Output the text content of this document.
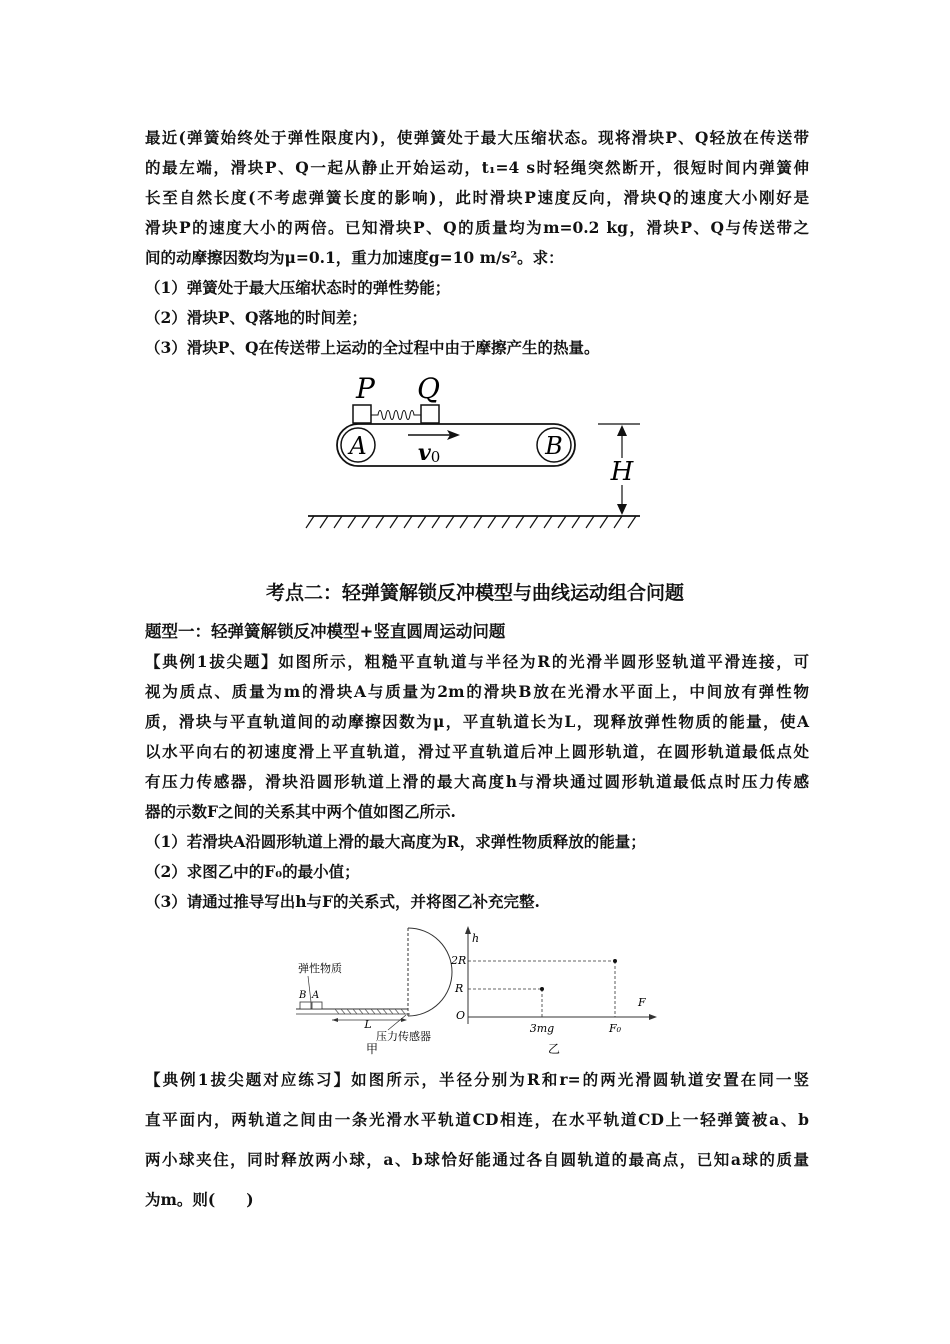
最近(弹簧始终处于弹性限度内)，使弹簧处于最大压缩状态。现将滑块P、Q轻放在传送带
的最左端，滑块P、Q一起从静止开始运动，t₁=4 s时轻绳突然断开，很短时间内弹簧伸
长至自然长度(不考虑弹簧长度的影响)，此时滑块P速度反向，滑块Q的速度大小刚好是
滑块P的速度大小的两倍。已知滑块P、Q的质量均为m=0.2 kg，滑块P、Q与传送带之
间的动摩擦因数均为μ=0.1，重力加速度g=10 m/s²。求：
（1）弹簧处于最大压缩状态时的弹性势能；
（2）滑块P、Q落地的时间差；
（3）滑块P、Q在传送带上运动的全过程中由于摩擦产生的热量。
P Q
A	B
v0	H
考点二：轻弹簧解锁反冲模型与曲线运动组合问题
题型一：轻弹簧解锁反冲模型+竖直圆周运动问题
【典例1拔尖题】如图所示，粗糙平直轨道与半径为R的光滑半圆形竖轨道平滑连接，可
视为质点、质量为m的滑块A与质量为2m的滑块B放在光滑水平面上，中间放有弹性物
质，滑块与平直轨道间的动摩擦因数为μ，平直轨道长为L，现释放弹性物质的能量，使A
以水平向右的初速度滑上平直轨道，滑过平直轨道后冲上圆形轨道，在圆形轨道最低点处
有压力传感器，滑块沿圆形轨道上滑的最大高度h与滑块通过圆形轨道最低点时压力传感
器的示数F之间的关系其中两个值如图乙所示.
（1）若滑块A沿圆形轨道上滑的最大高度为R，求弹性物质释放的能量；
（2）求图乙中的F₀的最小值；
（3）请通过推导写出h与F的关系式，并将图乙补充完整.
弹性物质
B A
L
压力传感器
甲
h
F
O
2R
R
3mg	F₀
乙
【典例1拔尖题对应练习】如图所示，半径分别为R和r=的两光滑圆轨道安置在同一竖
直平面内，两轨道之间由一条光滑水平轨道CD相连，在水平轨道CD上一轻弹簧被a、b
两小球夹住，同时释放两小球，a、b球恰好能通过各自圆轨道的最高点，已知a球的质量
为m。则(　　)
